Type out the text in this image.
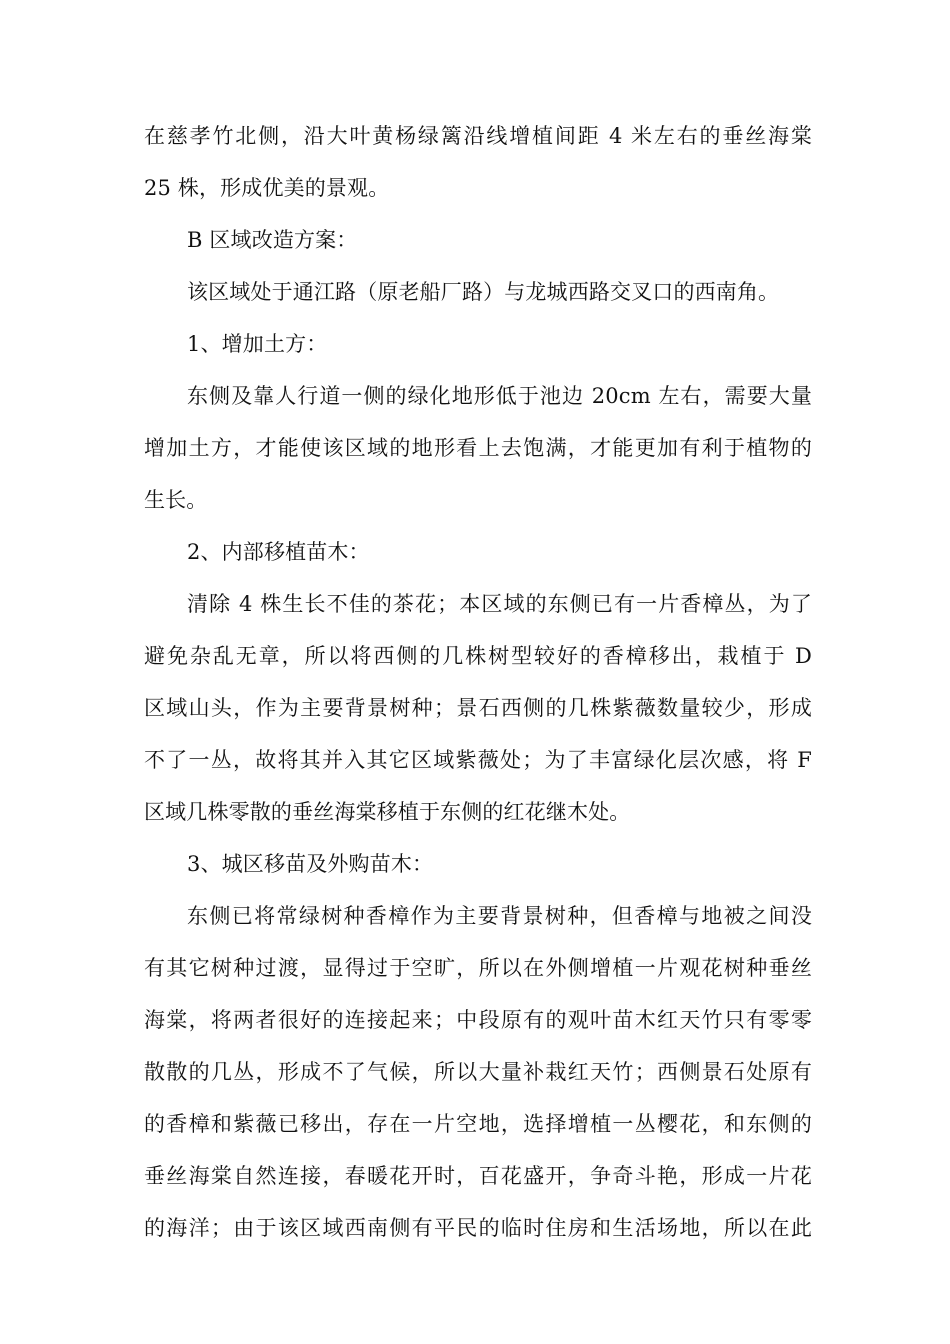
在慈孝竹北侧，沿大叶黄杨绿篱沿线增植间距 4 米左右的垂丝海棠
25 株，形成优美的景观。
B 区域改造方案：
该区域处于通江路（原老船厂路）与龙城西路交叉口的西南角。
1、增加土方：
东侧及靠人行道一侧的绿化地形低于池边 20cm 左右，需要大量
增加土方，才能使该区域的地形看上去饱满，才能更加有利于植物的
生长。
2、内部移植苗木：
清除 4 株生长不佳的茶花；本区域的东侧已有一片香樟丛，为了
避免杂乱无章，所以将西侧的几株树型较好的香樟移出，栽植于 D
区域山头，作为主要背景树种；景石西侧的几株紫薇数量较少，形成
不了一丛，故将其并入其它区域紫薇处；为了丰富绿化层次感，将 F
区域几株零散的垂丝海棠移植于东侧的红花继木处。
3、城区移苗及外购苗木：
东侧已将常绿树种香樟作为主要背景树种，但香樟与地被之间没
有其它树种过渡，显得过于空旷，所以在外侧增植一片观花树种垂丝
海棠，将两者很好的连接起来；中段原有的观叶苗木红天竹只有零零
散散的几丛，形成不了气候，所以大量补栽红天竹；西侧景石处原有
的香樟和紫薇已移出，存在一片空地，选择增植一丛樱花，和东侧的
垂丝海棠自然连接，春暖花开时，百花盛开，争奇斗艳，形成一片花
的海洋；由于该区域西南侧有平民的临时住房和生活场地，所以在此
